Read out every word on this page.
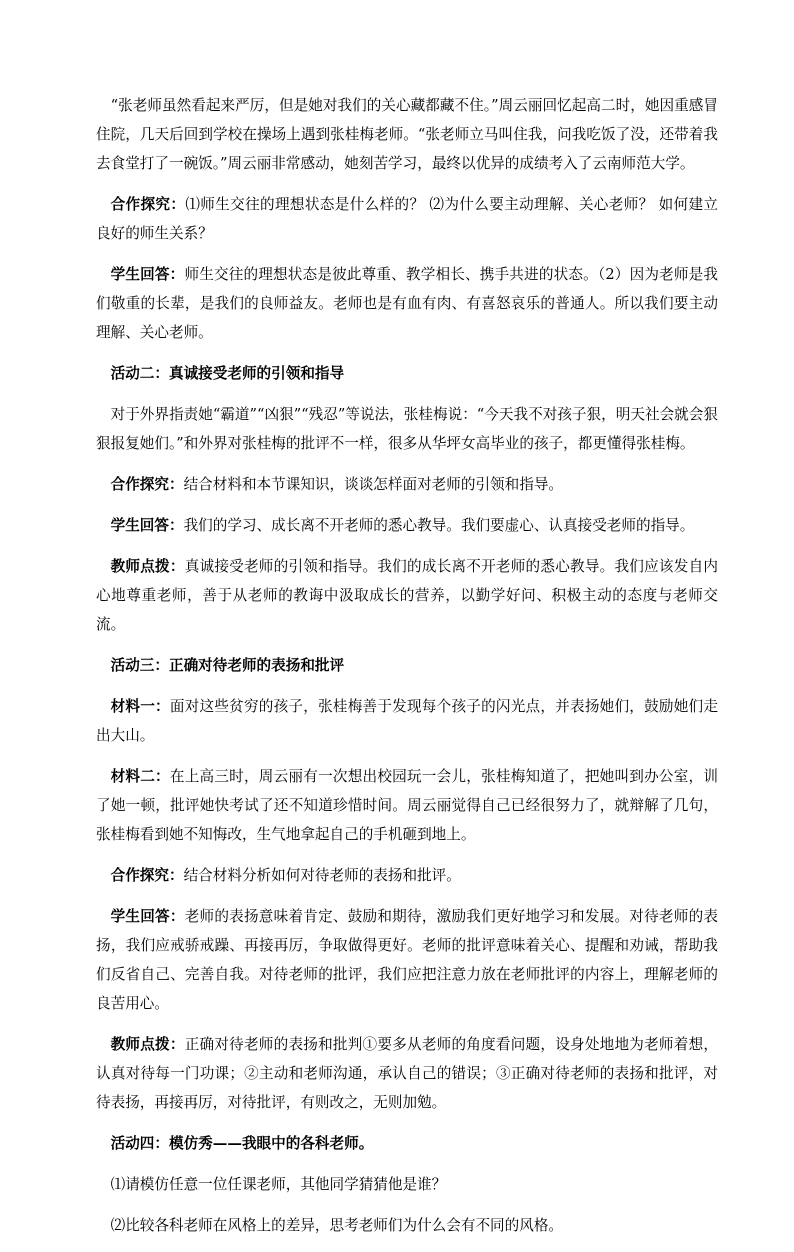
“张老师虽然看起来严厉，但是她对我们的关心藏都藏不住。”周云丽回忆起高二时，她因重感冒住院，几天后回到学校在操场上遇到张桂梅老师。“张老师立马叫住我，问我吃饭了没，还带着我去食堂打了一碗饭。”周云丽非常感动，她刻苦学习，最终以优异的成绩考入了云南师范大学。

合作探究：⑴师生交往的理想状态是什么样的？ ⑵为什么要主动理解、关心老师？ 如何建立良好的师生关系？

学生回答：师生交往的理想状态是彼此尊重、教学相长、携手共进的状态。（2）因为老师是我们敬重的长辈，是我们的良师益友。老师也是有血有肉、有喜怒哀乐的普通人。所以我们要主动理解、关心老师。

活动二：真诚接受老师的引领和指导

对于外界指责她“霸道”“凶狠”“残忍”等说法，张桂梅说：“今天我不对孩子狠，明天社会就会狠狠报复她们。”和外界对张桂梅的批评不一样，很多从华坪女高毕业的孩子，都更懂得张桂梅。

合作探究：结合材料和本节课知识，谈谈怎样面对老师的引领和指导。

学生回答：我们的学习、成长离不开老师的悉心教导。我们要虚心、认真接受老师的指导。

教师点拨：真诚接受老师的引领和指导。我们的成长离不开老师的悉心教导。我们应该发自内心地尊重老师，善于从老师的教诲中汲取成长的营养，以勤学好问、积极主动的态度与老师交流。

活动三：正确对待老师的表扬和批评

材料一：面对这些贫穷的孩子，张桂梅善于发现每个孩子的闪光点，并表扬她们，鼓励她们走出大山。

材料二：在上高三时，周云丽有一次想出校园玩一会儿，张桂梅知道了，把她叫到办公室，训了她一顿，批评她快考试了还不知道珍惜时间。周云丽觉得自己已经很努力了，就辩解了几句，张桂梅看到她不知悔改，生气地拿起自己的手机砸到地上。

合作探究：结合材料分析如何对待老师的表扬和批评。

学生回答：老师的表扬意味着肯定、鼓励和期待，激励我们更好地学习和发展。对待老师的表扬，我们应戒骄戒躁、再接再厉，争取做得更好。老师的批评意味着关心、提醒和劝诫，帮助我们反省自己、完善自我。对待老师的批评，我们应把注意力放在老师批评的内容上，理解老师的良苦用心。

教师点拨：正确对待老师的表扬和批判①要多从老师的角度看问题，设身处地地为老师着想，认真对待每一门功课；②主动和老师沟通，承认自己的错误；③正确对待老师的表扬和批评，对待表扬，再接再厉，对待批评，有则改之，无则加勉。

活动四：模仿秀——我眼中的各科老师。

⑴请模仿任意一位任课老师，其他同学猜猜他是谁？

⑵比较各科老师在风格上的差异，思考老师们为什么会有不同的风格。
